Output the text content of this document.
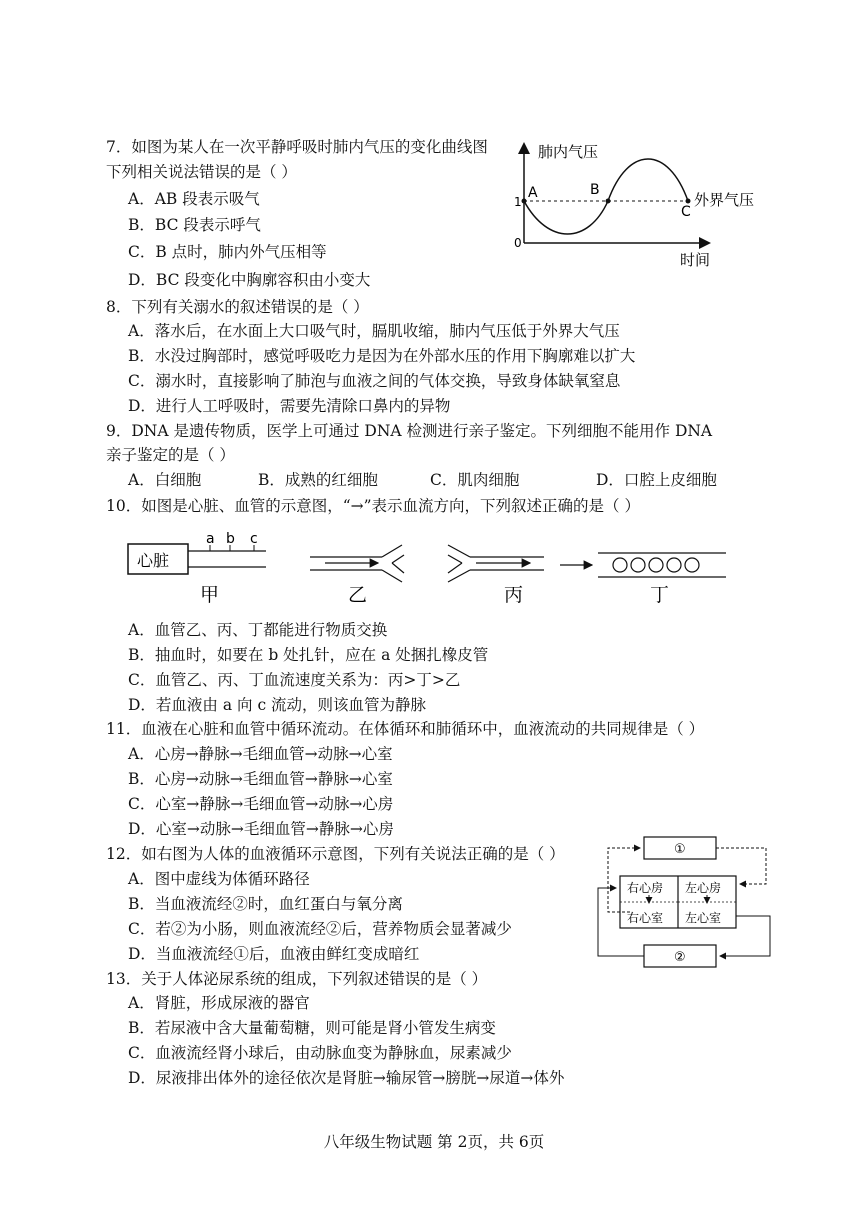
7．如图为某人在一次平静呼吸时肺内气压的变化曲线图
下列相关说法错误的是（ ）
A．AB 段表示吸气
B．BC 段表示呼气
C．B 点时，肺内外气压相等
D．BC 段变化中胸廓容积由小变大
肺内气压
时间
A	B
C
外界气压
1
0
8．下列有关溺水的叙述错误的是（ ）
A．落水后，在水面上大口吸气时，膈肌收缩，肺内气压低于外界大气压
B．水没过胸部时，感觉呼吸吃力是因为在外部水压的作用下胸廓难以扩大
C．溺水时，直接影响了肺泡与血液之间的气体交换，导致身体缺氧窒息
D．进行人工呼吸时，需要先清除口鼻内的异物
9．DNA 是遗传物质，医学上可通过 DNA 检测进行亲子鉴定。下列细胞不能用作 DNA
亲子鉴定的是（ ）
A．白细胞	B．成熟的红细胞	C．肌肉细胞	D．口腔上皮细胞
10．如图是心脏、血管的示意图，“→”表示血流方向，下列叙述正确的是（ ）
心脏
a b c
甲	乙	丙	丁
A．血管乙、丙、丁都能进行物质交换
B．抽血时，如要在 b 处扎针，应在 a 处捆扎橡皮管
C．血管乙、丙、丁血流速度关系为：丙>丁>乙
D．若血液由 a 向 c 流动，则该血管为静脉
11．血液在心脏和血管中循环流动。在体循环和肺循环中，血液流动的共同规律是（ ）
A．心房→静脉→毛细血管→动脉→心室
B．心房→动脉→毛细血管→静脉→心室
C．心室→静脉→毛细血管→动脉→心房
D．心室→动脉→毛细血管→静脉→心房
12．如右图为人体的血液循环示意图，下列有关说法正确的是（ ）
A．图中虚线为体循环路径
B．当血液流经②时，血红蛋白与氧分离
C．若②为小肠，则血液流经②后，营养物质会显著减少
D．当血液流经①后，血液由鲜红变成暗红
①
右心房 左心房
右心室 左心室
②
13．关于人体泌尿系统的组成，下列叙述错误的是（ ）
A．肾脏，形成尿液的器官
B．若尿液中含大量葡萄糖，则可能是肾小管发生病变
C．血液流经肾小球后，由动脉血变为静脉血，尿素减少
D．尿液排出体外的途径依次是肾脏→输尿管→膀胱→尿道→体外
八年级生物试题 第 2页，共 6页
